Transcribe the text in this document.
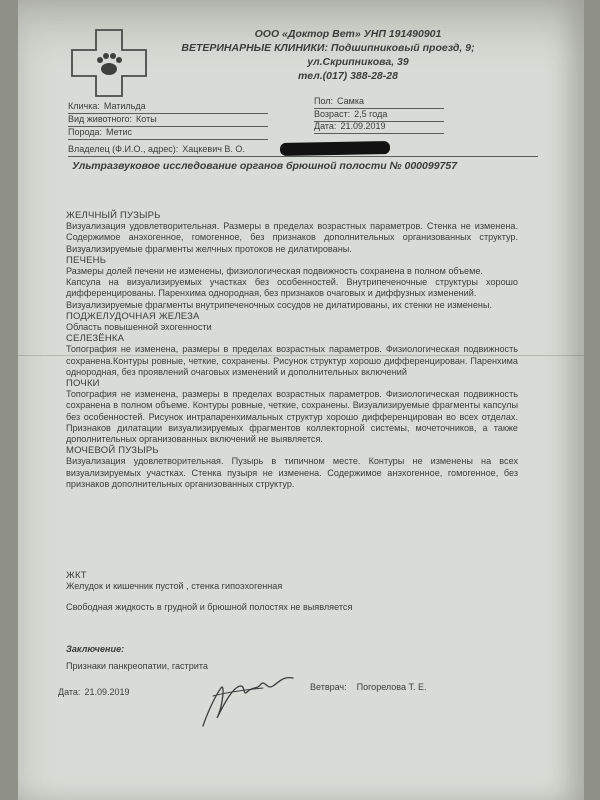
ООО «Доктор Вет» УНП 191490901
ВЕТЕРИНАРНЫЕ КЛИНИКИ: Подшипниковый проезд, 9;
ул.Скрипникова, 39
тел.(017) 388-28-28
Кличка: Матильда
Вид животного: Коты
Порода: Метис
Пол: Самка
Возраст: 2,5 года
Дата: 21.09.2019
Владелец (Ф.И.О., адрес): Хацкевич В. О.
Ультразвуковое исследование органов брюшной полости № 000099757
ЖЕЛЧНЫЙ ПУЗЫРЬ
Визуализация удовлетворительная. Размеры в пределах возрастных параметров. Стенка не изменена. Содержимое анэхогенное, гомогенное, без признаков дополнительных организованных структур. Визуализируемые фрагменты желчных протоков не дилатированы.
ПЕЧЕНЬ
Размеры долей печени не изменены, физиологическая подвижность сохранена в полном объеме.
Капсула на визуализируемых участках без особенностей. Внутрипеченочные структуры хорошо дифференцированы. Паренхима однородная, без признаков очаговых и диффузных изменений.
Визуализируемые фрагменты внутрипеченочных сосудов не дилатированы, их стенки не изменены.
ПОДЖЕЛУДОЧНАЯ ЖЕЛЕЗА
Область повышенной эхогенности
СЕЛЕЗЁНКА
Топография не изменена, размеры в пределах возрастных параметров. Физиологическая подвижность сохранена.Контуры ровные, четкие, сохранены. Рисунок структур хорошо дифференцирован. Паренхима однородная, без проявлений очаговых изменений и дополнительных включений
ПОЧКИ
Топография не изменена, размеры в пределах возрастных параметров. Физиологическая подвижность сохранена в полном объеме. Контуры ровные, четкие, сохранены. Визуализируемые фрагменты капсулы без особенностей. Рисунок интрапаренхимальных структур хорошо дифференцирован во всех отделах. Признаков дилатации визуализируемых фрагментов коллекторной системы, мочеточников, а также дополнительных организованных включений не выявляется.
МОЧЕВОЙ ПУЗЫРЬ
Визуализация удовлетворительная. Пузырь в типичном месте. Контуры не изменены на всех визуализируемых участках. Стенка пузыря не изменена. Содержимое анэхогенное, гомогенное, без признаков дополнительных организованных структур.
ЖКТ
Желудок и кишечник пустой , стенка гипоэхогенная
Свободная жидкость в грудной и брюшной полостях не выявляется
Заключение:
Признаки панкреопатии, гастрита
Дата: 21.09.2019	Ветврач: Погорелова Т. Е.
